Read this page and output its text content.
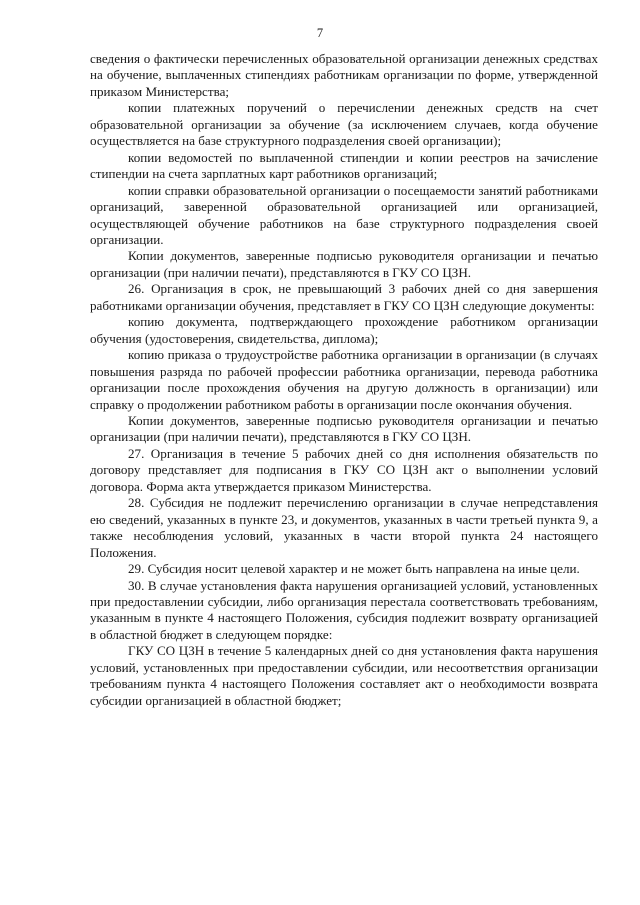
7

сведения о фактически перечисленных образовательной организации денежных средствах на обучение, выплаченных стипендиях работникам организации по форме, утвержденной приказом Министерства;

копии платежных поручений о перечислении денежных средств на счет образовательной организации за обучение (за исключением случаев, когда обучение осуществляется на базе структурного подразделения своей организации);

копии ведомостей по выплаченной стипендии и копии реестров на зачисление стипендии на счета зарплатных карт работников организаций;

копии справки образовательной организации о посещаемости занятий работниками организаций, заверенной образовательной организацией или организацией, осуществляющей обучение работников на базе структурного подразделения своей организации.

Копии документов, заверенные подписью руководителя организации и печатью организации (при наличии печати), представляются в ГКУ СО ЦЗН.

26. Организация в срок, не превышающий 3 рабочих дней со дня завершения работниками организации обучения, представляет в ГКУ СО ЦЗН следующие документы:

копию документа, подтверждающего прохождение работником организации обучения (удостоверения, свидетельства, диплома);

копию приказа о трудоустройстве работника организации в организации (в случаях повышения разряда по рабочей профессии работника организации, перевода работника организации после прохождения обучения на другую должность в организации) или справку о продолжении работником работы в организации после окончания обучения.

Копии документов, заверенные подписью руководителя организации и печатью организации (при наличии печати), представляются в ГКУ СО ЦЗН.

27. Организация в течение 5 рабочих дней со дня исполнения обязательств по договору представляет для подписания в ГКУ СО ЦЗН акт о выполнении условий договора. Форма акта утверждается приказом Министерства.

28. Субсидия не подлежит перечислению организации в случае непредставления ею сведений, указанных в пункте 23, и документов, указанных в части третьей пункта 9, а также несоблюдения условий, указанных в части второй пункта 24 настоящего Положения.

29. Субсидия носит целевой характер и не может быть направлена на иные цели.

30. В случае установления факта нарушения организацией условий, установленных при предоставлении субсидии, либо организация перестала соответствовать требованиям, указанным в пункте 4 настоящего Положения, субсидия подлежит возврату организацией в областной бюджет в следующем порядке:

ГКУ СО ЦЗН в течение 5 календарных дней со дня установления факта нарушения условий, установленных при предоставлении субсидии, или несоответствия организации требованиям пункта 4 настоящего Положения составляет акт о необходимости возврата субсидии организацией в областной бюджет;
